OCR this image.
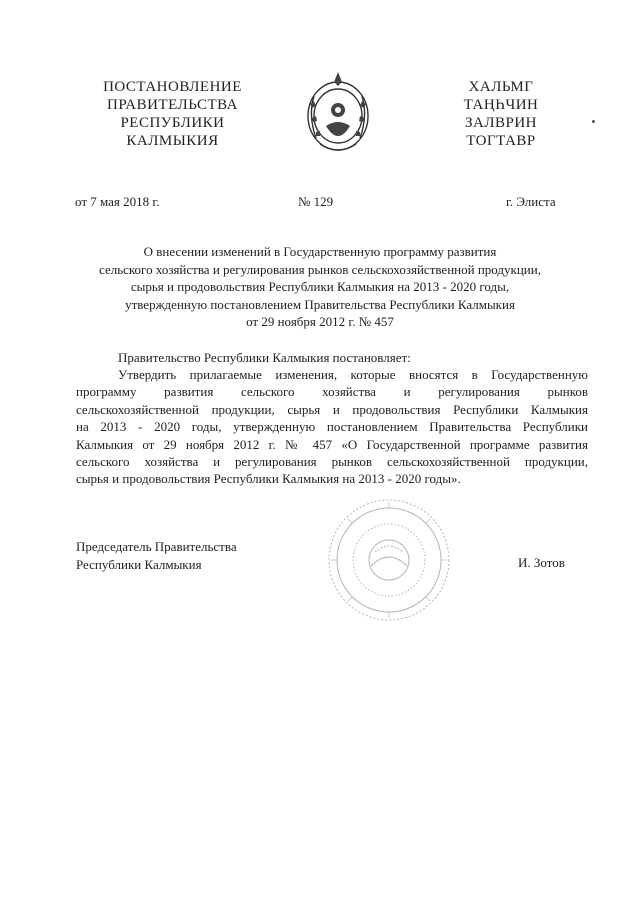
ПОСТАНОВЛЕНИЕ
ПРАВИТЕЛЬСТВА
РЕСПУБЛИКИ
КАЛМЫКИЯ
ХАЛЬМГ
ТАҢҺЧИН
ЗАЛВРИН
ТОГТАВР
от 7 мая 2018 г.	№ 129	г. Элиста
О внесении изменений в Государственную программу развития
сельского хозяйства и регулирования рынков сельскохозяйственной продукции,
сырья и продовольствия Республики Калмыкия на 2013 - 2020 годы,
утвержденную постановлением Правительства Республики Калмыкия
от 29 ноября 2012 г. № 457
Правительство Республики Калмыкия постановляет:
Утвердить прилагаемые изменения, которые вносятся в Государственную
программу развития сельского хозяйства и регулирования рынков
сельскохозяйственной продукции, сырья и продовольствия Республики Калмыкия
на 2013 - 2020 годы, утвержденную постановлением Правительства Республики
Калмыкия от 29 ноября 2012 г. № 457 «О Государственной программе развития
сельского хозяйства и регулирования рынков сельскохозяйственной продукции,
сырья и продовольствия Республики Калмыкия на 2013 - 2020 годы».
Председатель Правительства
Республики Калмыкия	И. Зотов
